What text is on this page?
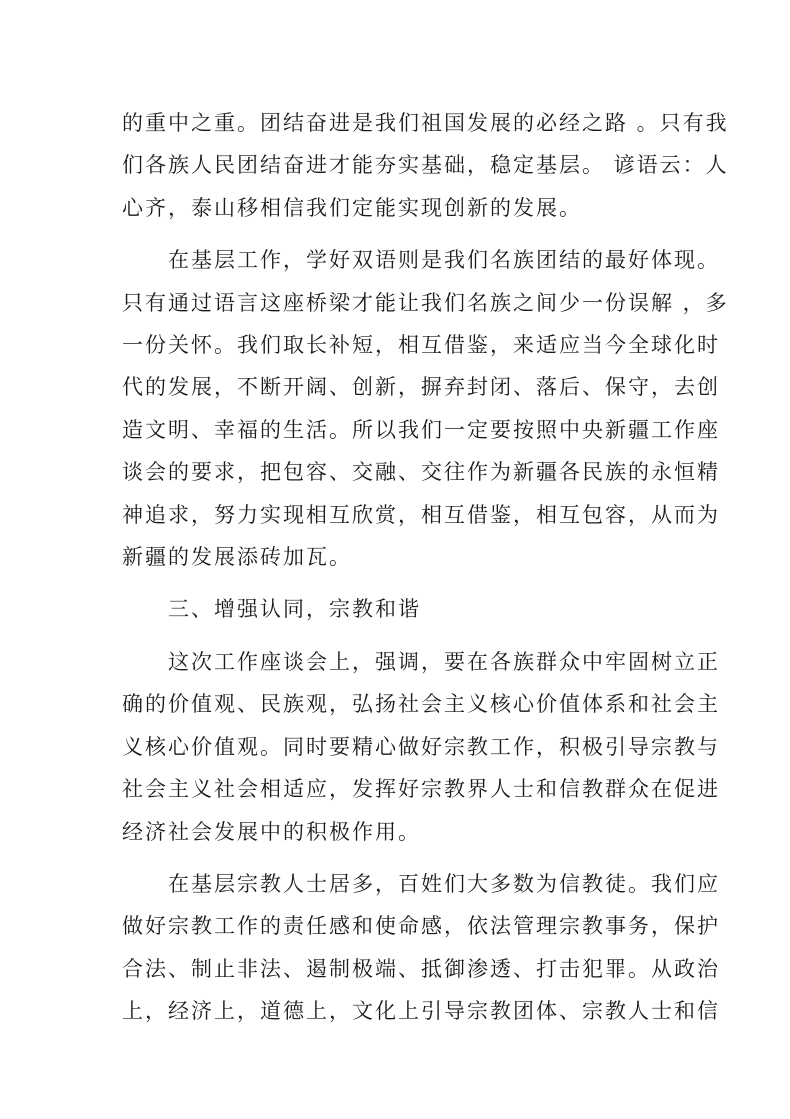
的重中之重。团结奋进是我们祖国发展的必经之路 。只有我
们各族人民团结奋进才能夯实基础，稳定基层。 谚语云：人
心齐，泰山移相信我们定能实现创新的发展。

在基层工作，学好双语则是我们名族团结的最好体现。
只有通过语言这座桥梁才能让我们名族之间少一份误解 ，多
一份关怀。我们取长补短，相互借鉴，来适应当今全球化时
代的发展，不断开阔、创新，摒弃封闭、落后、保守，去创
造文明、幸福的生活。所以我们一定要按照中央新疆工作座
谈会的要求，把包容、交融、交往作为新疆各民族的永恒精
神追求，努力实现相互欣赏，相互借鉴，相互包容，从而为
新疆的发展添砖加瓦。

三、增强认同，宗教和谐

这次工作座谈会上，强调，要在各族群众中牢固树立正
确的价值观、民族观，弘扬社会主义核心价值体系和社会主
义核心价值观。同时要精心做好宗教工作，积极引导宗教与
社会主义社会相适应，发挥好宗教界人士和信教群众在促进
经济社会发展中的积极作用。

在基层宗教人士居多，百姓们大多数为信教徒。我们应
做好宗教工作的责任感和使命感，依法管理宗教事务，保护
合法、制止非法、遏制极端、抵御渗透、打击犯罪。从政治
上，经济上，道德上，文化上引导宗教团体、宗教人士和信
